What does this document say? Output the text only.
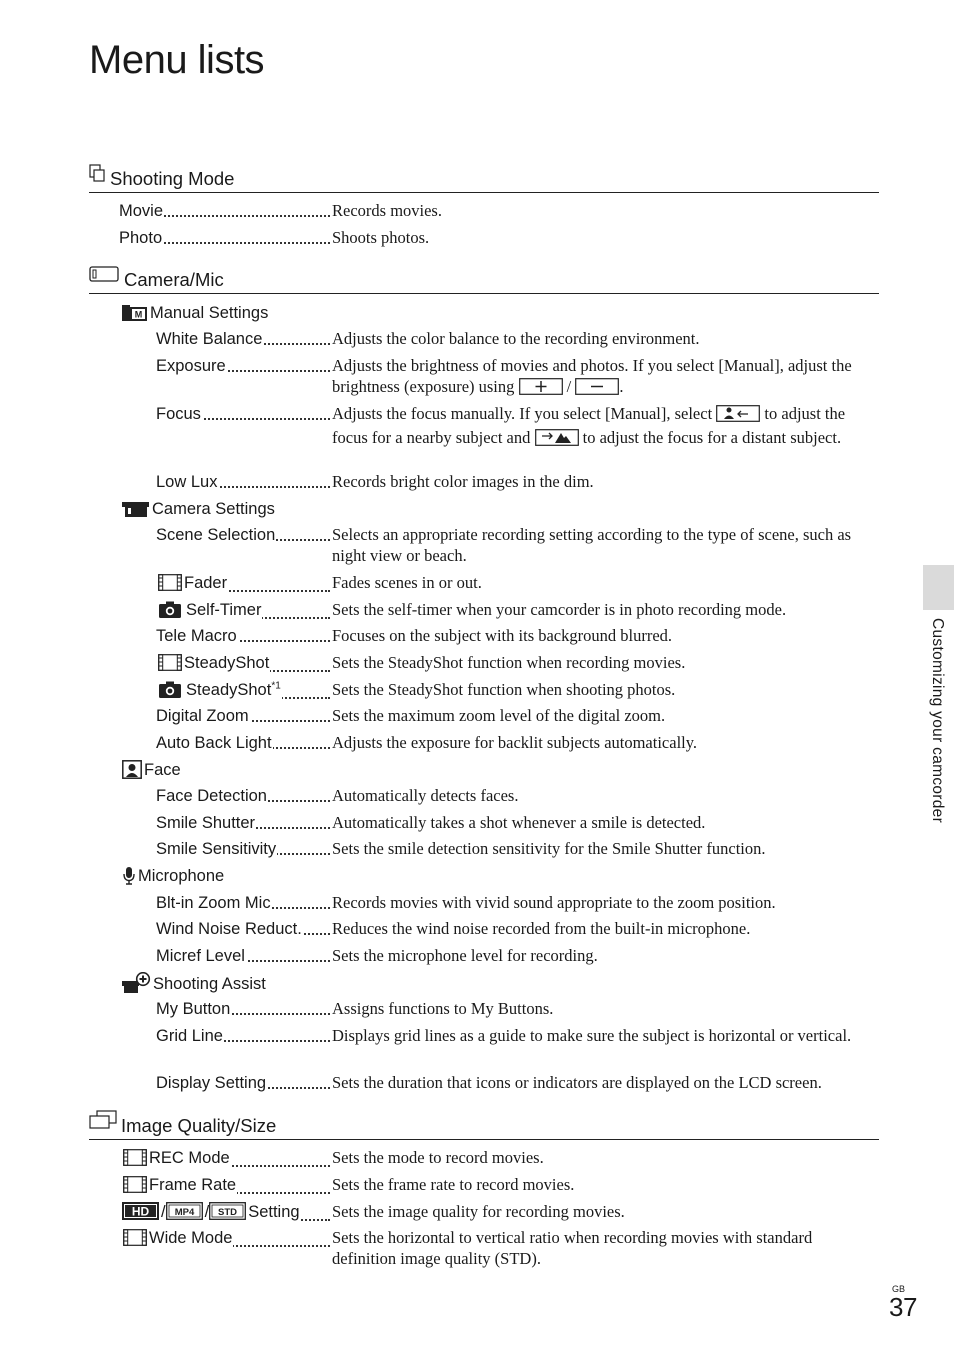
Menu lists
Shooting Mode
Movie	Records movies.
Photo	Shoots photos.
Camera/Mic
M Manual Settings
White Balance	Adjusts the color balance to the recording environment.
Exposure	Adjusts the brightness of movies and photos. If you select [Manual], adjust the brightness (exposure) using	/	.
Focus	Adjusts the focus manually. If you select [Manual], select	to adjust the focus for a nearby subject and	to adjust the focus for a distant subject.
Low Lux	Records bright color images in the dim.
Camera Settings
Scene Selection	Selects an appropriate recording setting according to the type of scene, such as night view or beach.
Fader	Fades scenes in or out.
Self-Timer	Sets the self-timer when your camcorder is in photo recording mode.
Tele Macro	Focuses on the subject with its background blurred.
SteadyShot	Sets the SteadyShot function when recording movies.
SteadyShot$^{*1}$	Sets the SteadyShot function when shooting photos.
Digital Zoom	Sets the maximum zoom level of the digital zoom.
Auto Back Light	Adjusts the exposure for backlit subjects automatically.
Face
Face Detection	Automatically detects faces.
Smile Shutter	Automatically takes a shot whenever a smile is detected.
Smile Sensitivity	Sets the smile detection sensitivity for the Smile Shutter function.
Microphone
Blt-in Zoom Mic	Records movies with vivid sound appropriate to the zoom position.
Wind Noise Reduct.	Reduces the wind noise recorded from the built-in microphone.
Micref Level	Sets the microphone level for recording.
Shooting Assist
My Button	Assigns functions to My Buttons.
Grid Line	Displays grid lines as a guide to make sure the subject is horizontal or vertical.
Display Setting	Sets the duration that icons or indicators are displayed on the LCD screen.
Image Quality/Size
REC Mode	Sets the mode to record movies.
Frame Rate	Sets the frame rate to record movies.
HD / MP4 / STD Setting	Sets the image quality for recording movies.
Wide Mode	Sets the horizontal to vertical ratio when recording movies with standard definition image quality (STD).
Customizing your camcorder
GB
37
